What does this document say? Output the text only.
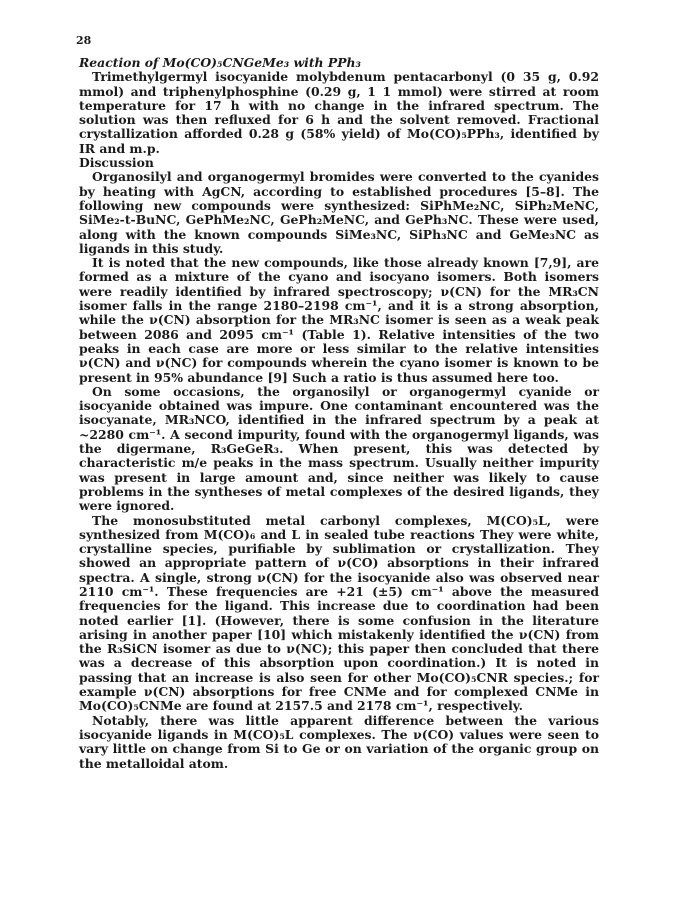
28

Reaction of Mo(CO)₅CNGeMe₃ with PPh₃

Trimethylgermyl isocyanide molybdenum pentacarbonyl (0 35 g, 0.92 mmol) and triphenylphosphine (0.29 g, 1 1 mmol) were stirred at room temperature for 17 h with no change in the infrared spectrum. The solution was then refluxed for 6 h and the solvent removed. Fractional crystallization afforded 0.28 g (58% yield) of Mo(CO)₅PPh₃, identified by IR and m.p.

Discussion

Organosilyl and organogermyl bromides were converted to the cyanides by heating with AgCN, according to established procedures [5–8]. The following new compounds were synthesized: SiPhMe₂NC, SiPh₂MeNC, SiMe₂-t-BuNC, GePhMe₂NC, GePh₂MeNC, and GePh₃NC. These were used, along with the known compounds SiMe₃NC, SiPh₃NC and GeMe₃NC as ligands in this study.

It is noted that the new compounds, like those already known [7,9], are formed as a mixture of the cyano and isocyano isomers. Both isomers were readily identified by infrared spectroscopy; ν(CN) for the MR₃CN isomer falls in the range 2180–2198 cm⁻¹, and it is a strong absorption, while the ν(CN) absorption for the MR₃NC isomer is seen as a weak peak between 2086 and 2095 cm⁻¹ (Table 1). Relative intensities of the two peaks in each case are more or less similar to the relative intensities ν(CN) and ν(NC) for compounds wherein the cyano isomer is known to be present in 95% abundance [9] Such a ratio is thus assumed here too.

On some occasions, the organosilyl or organogermyl cyanide or isocyanide obtained was impure. One contaminant encountered was the isocyanate, MR₃NCO, identified in the infrared spectrum by a peak at ~2280 cm⁻¹. A second impurity, found with the organogermyl ligands, was the digermane, R₃GeGeR₃. When present, this was detected by characteristic m/e peaks in the mass spectrum. Usually neither impurity was present in large amount and, since neither was likely to cause problems in the syntheses of metal complexes of the desired ligands, they were ignored.

The monosubstituted metal carbonyl complexes, M(CO)₅L, were synthesized from M(CO)₆ and L in sealed tube reactions They were white, crystalline species, purifiable by sublimation or crystallization. They showed an appropriate pattern of ν(CO) absorptions in their infrared spectra. A single, strong ν(CN) for the isocyanide also was observed near 2110 cm⁻¹. These frequencies are +21 (±5) cm⁻¹ above the measured frequencies for the ligand. This increase due to coordination had been noted earlier [1]. (However, there is some confusion in the literature arising in another paper [10] which mistakenly identified the ν(CN) from the R₃SiCN isomer as due to ν(NC); this paper then concluded that there was a decrease of this absorption upon coordination.) It is noted in passing that an increase is also seen for other Mo(CO)₅CNR species.; for example ν(CN) absorptions for free CNMe and for complexed CNMe in Mo(CO)₅CNMe are found at 2157.5 and 2178 cm⁻¹, respectively.

Notably, there was little apparent difference between the various isocyanide ligands in M(CO)₅L complexes. The ν(CO) values were seen to vary little on change from Si to Ge or on variation of the organic group on the metalloidal atom.
